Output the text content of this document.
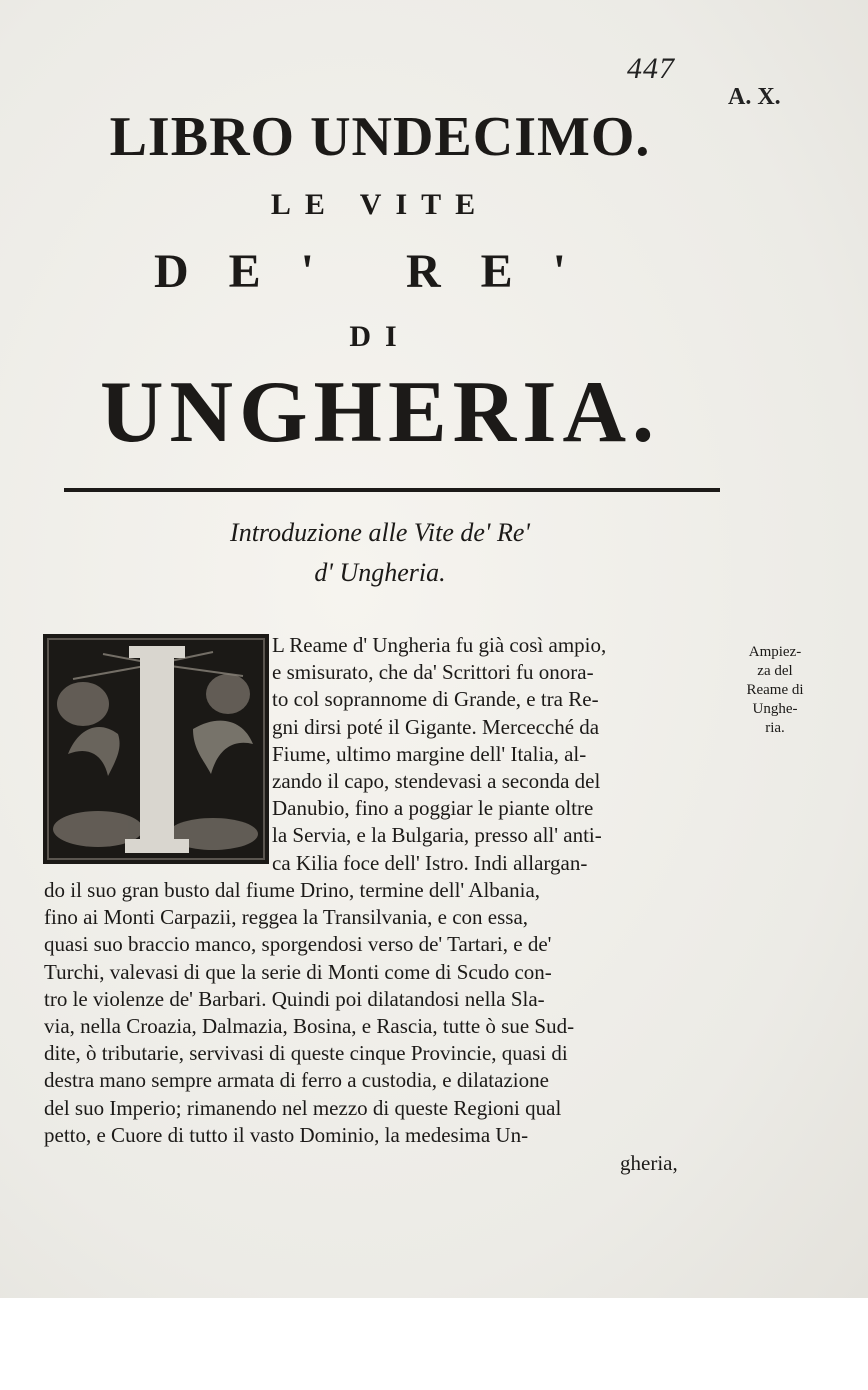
447
A. X.
LIBRO UNDECIMO.
LE VITE
DE' RE'
DI
UNGHERIA.

Introduzione alle Vite de' Re'

d' Ungheria.

L Reame d' Ungheria fu già così ampio,
e smisurato, che da' Scrittori fu onora-
to col soprannome di Grande, e tra Re-
gni dirsi poté il Gigante. Mercecché da
Fiume, ultimo margine dell' Italia, al-
zando il capo, stendevasi a seconda del
Danubio, fino a poggiar le piante oltre
la Servia, e la Bulgaria, presso all' anti-
ca Kilia foce dell' Istro. Indi allargan-
do il suo gran busto dal fiume Drino, termine dell' Albania,
fino ai Monti Carpazii, reggea la Transilvania, e con essa,
quasi suo braccio manco, sporgendosi verso de' Tartari, e de'
Turchi, valevasi di que la serie di Monti come di Scudo con-
tro le violenze de' Barbari. Quindi poi dilatandosi nella Sla-
via, nella Croazia, Dalmazia, Bosina, e Rascia, tutte ò sue Sud-
dite, ò tributarie, servivasi di queste cinque Provincie, quasi di
destra mano sempre armata di ferro a custodia, e dilatazione
del suo Imperio; rimanendo nel mezzo di queste Regioni qual
petto, e Cuore di tutto il vasto Dominio, la medesima Un-
gheria,
Ampiez-
za del
Reame di
Unghe-
ria.
